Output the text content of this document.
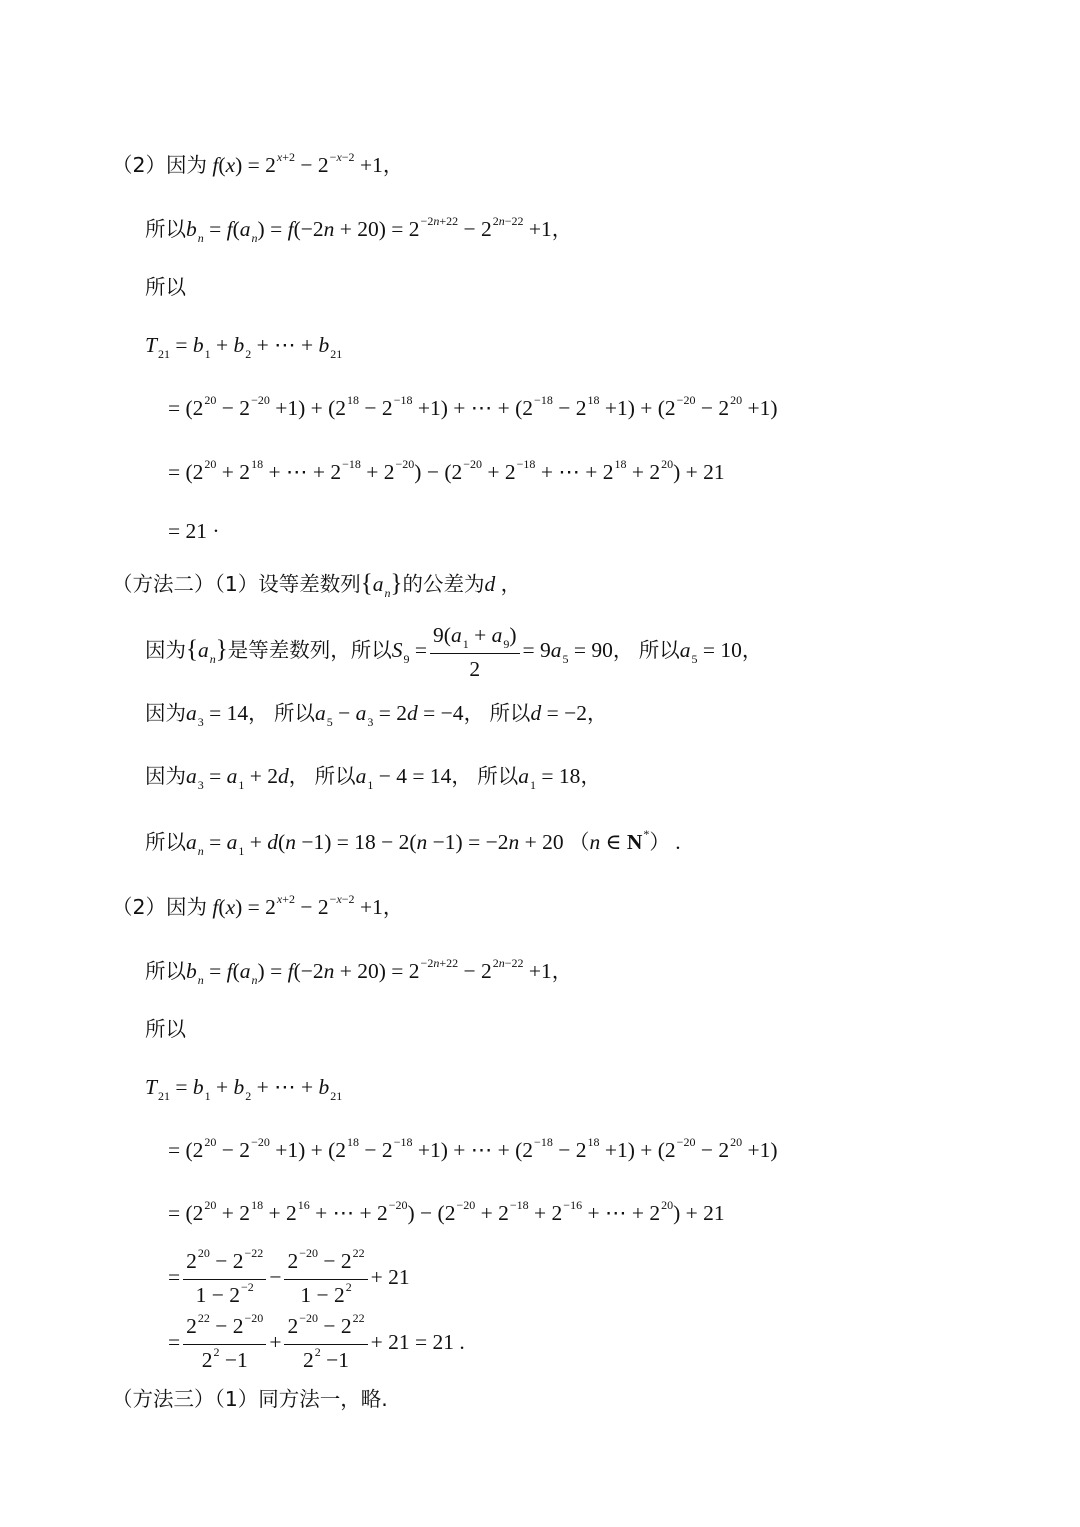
（2）因为 $f(x) = 2^{x+2} - 2^{-x-2} +1$，
所以$b_n = f(a_n) = f(-2n + 20) = 2^{-2n+22} - 2^{2n-22} +1$，
所以
$T_{21} = b_1 + b_2$ + ⋯ + $b_{21}$
= $(2^{20} - 2^{-20} +1) + (2^{18} - 2^{-18} +1)$ + ⋯ + $(2^{-18} - 2^{18} +1) + (2^{-20} - 2^{20} +1)$
= ($2^{20} + 2^{18}$ + ⋯ + $2^{-18} + 2^{-20}) - (2^{-20} + 2^{-18}$ + ⋯ + $2^{18} + 2^{20}) + 21$
= 21 ·
（方法二）（1）设等差数列$\{a_n\}$的公差为d ，
因为$\{a_n\}$是等差数列，所以$S_9 = \frac{9(a_1 + a_9)}{2} = 9a_5 = 90$， 所以$a_5 = 10$，
因为$a_3 = 14$， 所以$a_5 - a_3 = 2d = -4$， 所以d = −2，
因为$a_3 = a_1 + 2d$， 所以$a_1 - 4 = 14$， 所以$a_1 = 18$，
所以$a_n = a_1 + d(n -1) = 18 - 2(n -1) = -2n + 20$ （n ∈ N*） .
（2）因为 $f(x) = 2^{x+2} - 2^{-x-2} +1$，
所以$b_n = f(a_n) = f(-2n + 20) = 2^{-2n+22} - 2^{2n-22} +1$，
所以
$T_{21} = b_1 + b_2$ + ⋯ + $b_{21}$
= $(2^{20} - 2^{-20} +1) + (2^{18} - 2^{-18} +1)$ + ⋯ + $(2^{-18} - 2^{18} +1) + (2^{-20} - 2^{20} +1)$
= ($2^{20} + 2^{18} + 2^{16}$ + ⋯ + $2^{-20}) - (2^{-20} + 2^{-18} + 2^{-16}$ + ⋯ + $2^{20}) + 21$
= $\frac{2^{20} - 2^{-22}}{1 - 2^{-2}} - \frac{2^{-20} - 2^{22}}{1 - 2^2} + 21$
= $\frac{2^{22} - 2^{-20}}{2^2 -1} + \frac{2^{-20} - 2^{22}}{2^2 -1} + 21 = 21$ .
（方法三）（1）同方法一，略.
